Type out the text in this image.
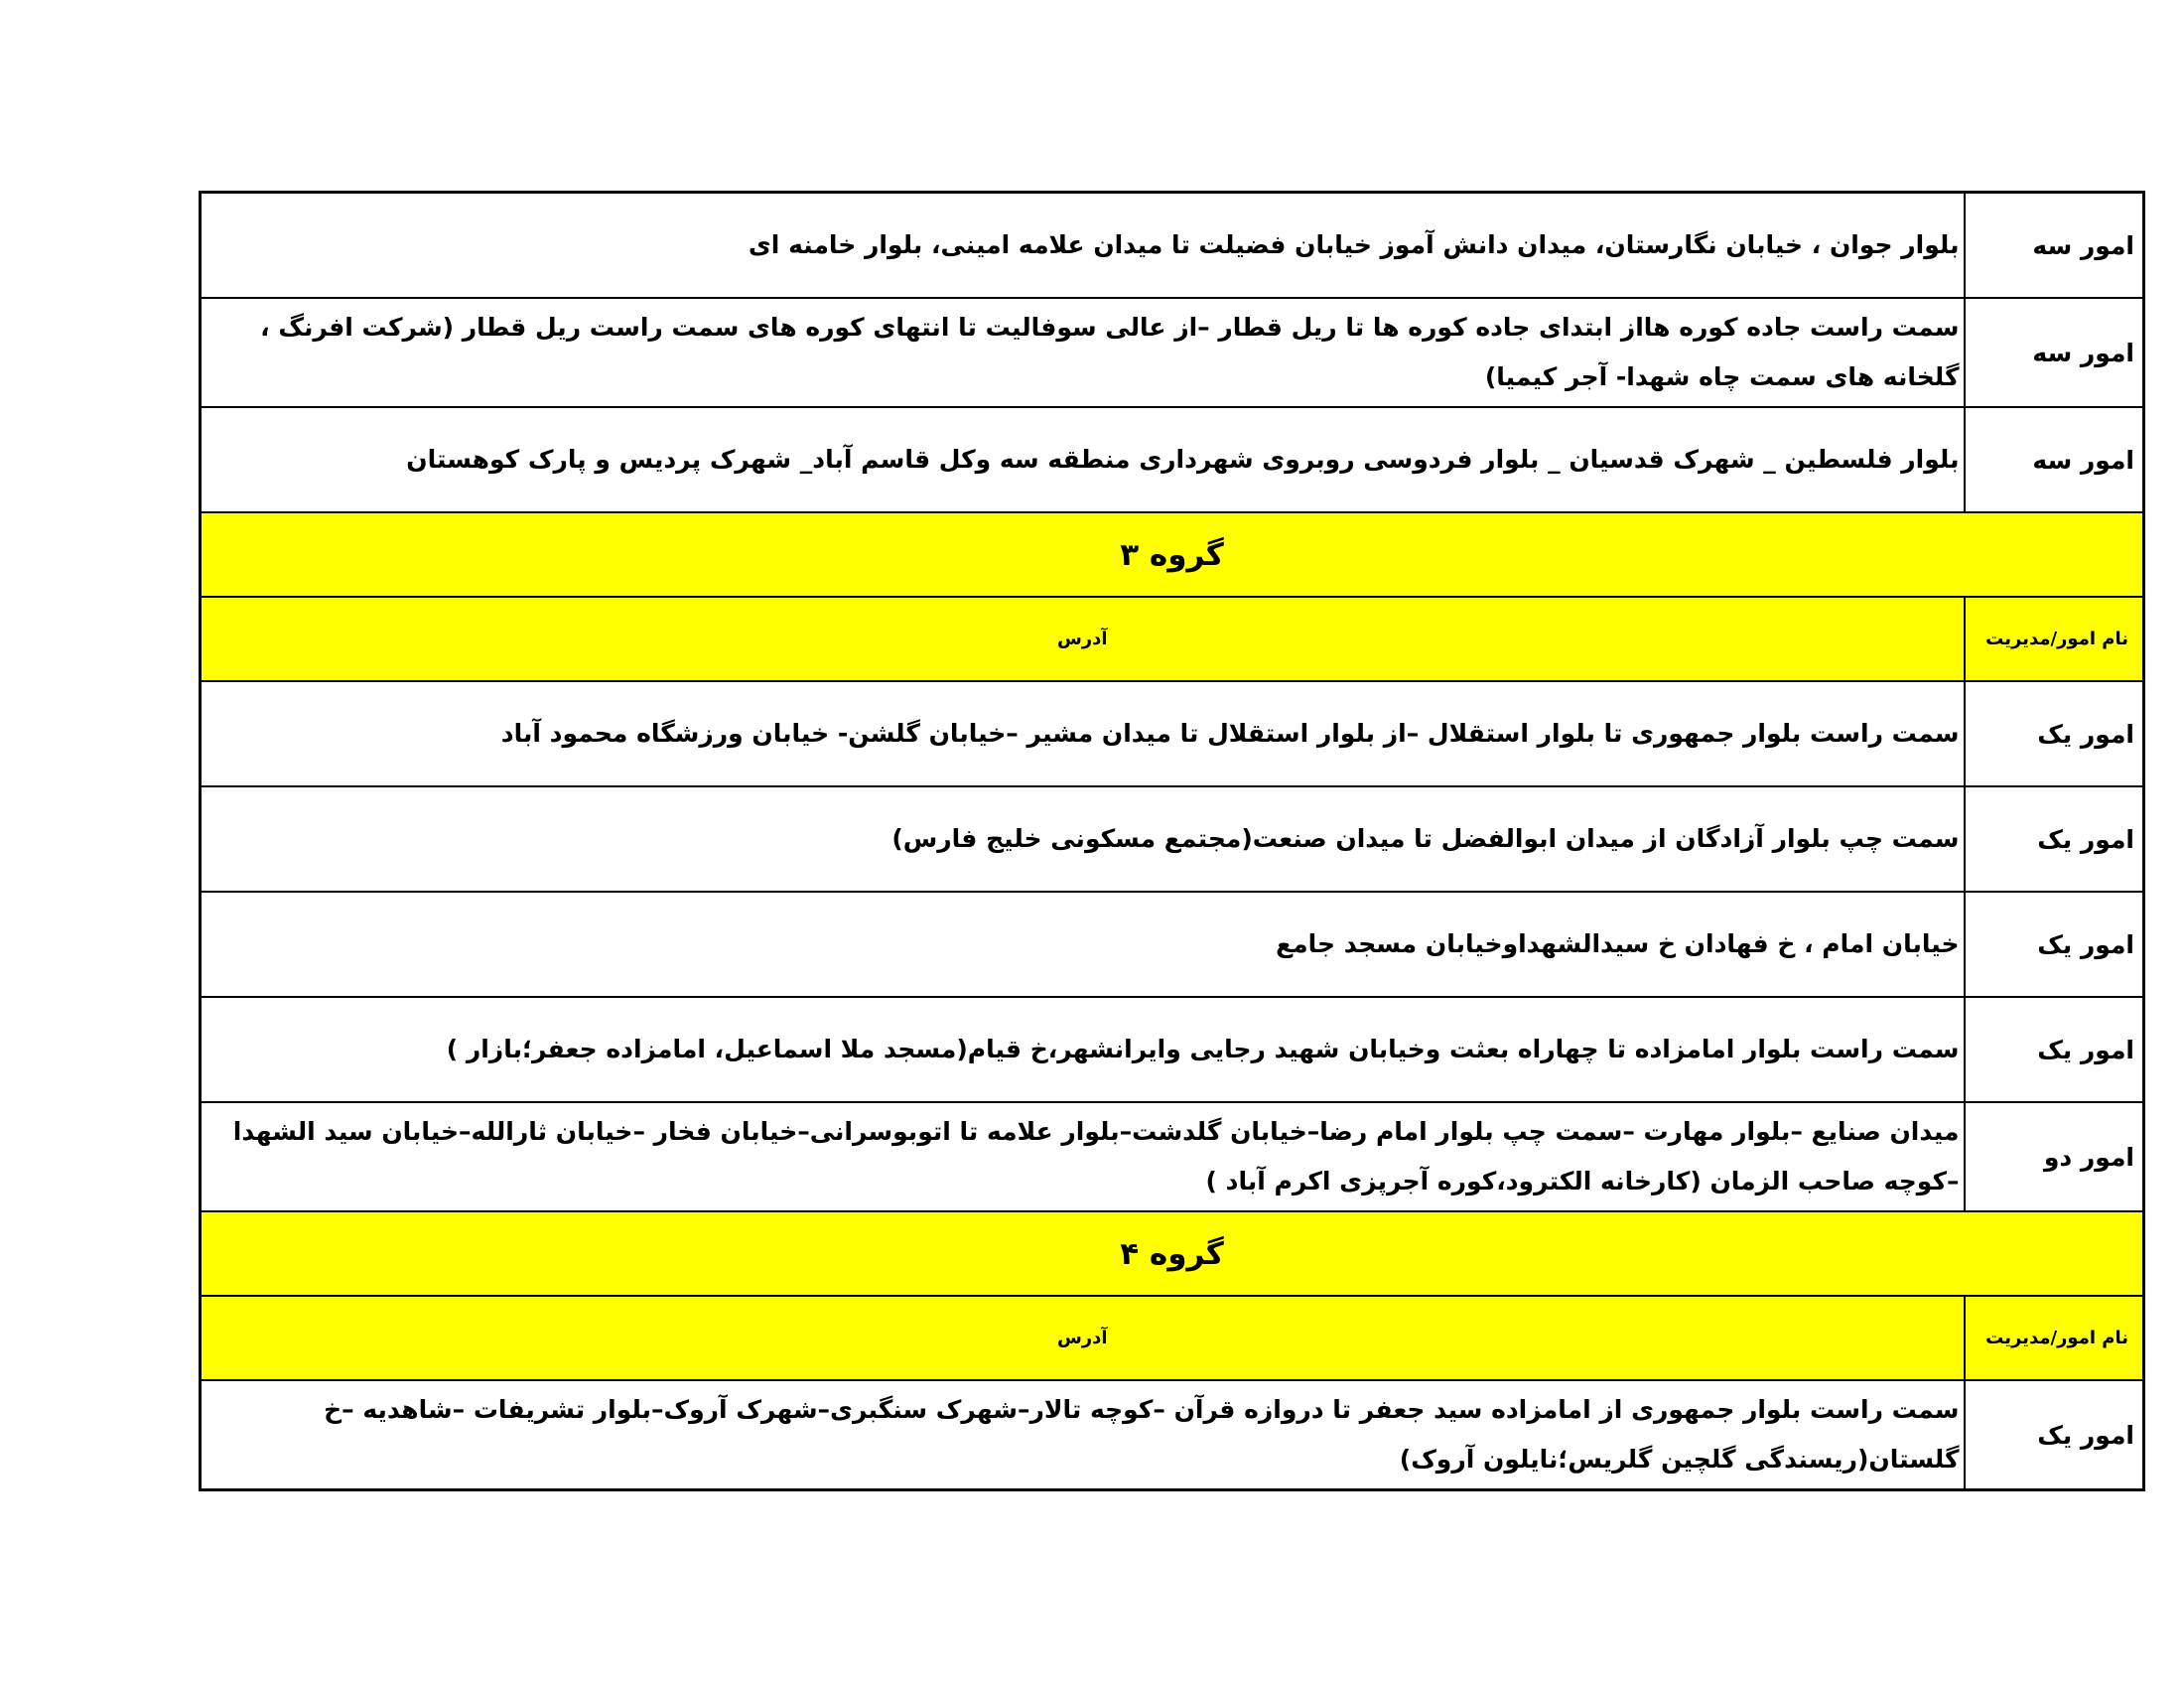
امور سه	بلوار جوان ، خیابان نگارستان، میدان دانش آموز خیابان فضیلت تا میدان علامه امینی، بلوار خامنه ای
امور سه	سمت راست جاده کوره هااز ابتدای جاده کوره ها تا ریل قطار –از عالی سوفالیت تا انتهای کوره های سمت راست ریل قطار (شرکت افرنگ ، گلخانه های سمت چاه شهدا- آجر کیمیا)
امور سه	بلوار فلسطین _ شهرک قدسیان _ بلوار فردوسی روبروی شهرداری منطقه سه وکل قاسم آباد_ شهرک پردیس و پارک کوهستان
گروه ۳	
نام امور/مدیریت	آدرس
امور یک	سمت راست بلوار جمهوری تا بلوار استقلال –از بلوار استقلال تا میدان مشیر –خیابان گلشن- خیابان ورزشگاه محمود آباد
امور یک	سمت چپ بلوار آزادگان از میدان ابوالفضل تا میدان صنعت(مجتمع مسکونی خلیج فارس)
امور یک	خیابان امام ، خ فهادان خ سیدالشهداوخیابان مسجد جامع
امور یک	سمت راست بلوار امامزاده تا چهاراه بعثت وخیابان شهید رجایی وایرانشهر،خ قیام(مسجد ملا اسماعیل، امامزاده جعفر؛بازار )
امور دو	میدان صنایع –بلوار مهارت –سمت چپ بلوار امام رضا–خیابان گلدشت–بلوار علامه تا اتوبوسرانی–خیابان فخار –خیابان ثارالله–خیابان سید الشهدا –کوچه صاحب الزمان (کارخانه الکترود،کوره آجرپزی اکرم آباد )
گروه ۴	
نام امور/مدیریت	آدرس
امور یک	سمت راست بلوار جمهوری از امامزاده سید جعفر تا دروازه قرآن –کوچه تالار–شهرک سنگبری–شهرک آروک–بلوار تشریفات –شاهدیه –خ گلستان(ریسندگی گلچین گلریس؛نایلون آروک)
